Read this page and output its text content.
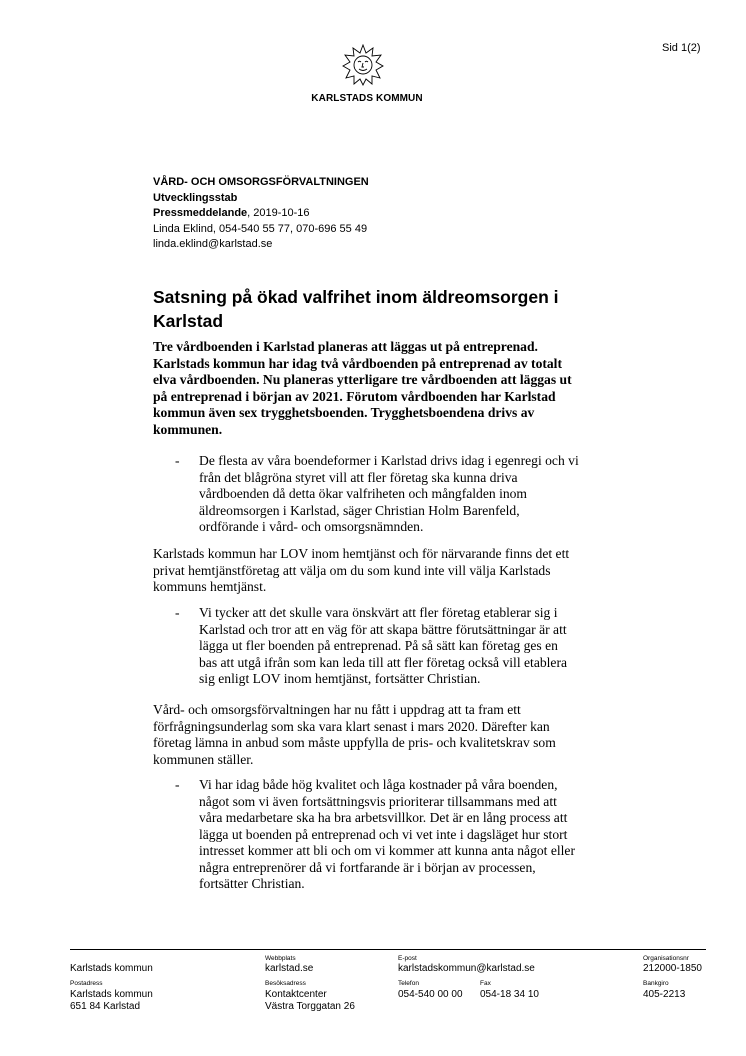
Sid 1(2)
KARLSTADS KOMMUN
VÅRD- OCH OMSORGSFÖRVALTNINGEN
Utvecklingsstab
Pressmeddelande, 2019-10-16
Linda Eklind, 054-540 55 77, 070-696 55 49
linda.eklind@karlstad.se
Satsning på ökad valfrihet inom äldreomsorgen i
Karlstad
Tre vårdboenden i Karlstad planeras att läggas ut på entreprenad.
Karlstads kommun har idag två vårdboenden på entreprenad av totalt
elva vårdboenden. Nu planeras ytterligare tre vårdboenden att läggas ut
på entreprenad i början av 2021. Förutom vårdboenden har Karlstad
kommun även sex trygghetsboenden. Trygghetsboendena drivs av
kommunen.
- De flesta av våra boendeformer i Karlstad drivs idag i egenregi och vi
från det blågröna styret vill att fler företag ska kunna driva
vårdboenden då detta ökar valfriheten och mångfalden inom
äldreomsorgen i Karlstad, säger Christian Holm Barenfeld,
ordförande i vård- och omsorgsnämnden.
Karlstads kommun har LOV inom hemtjänst och för närvarande finns det ett
privat hemtjänstföretag att välja om du som kund inte vill välja Karlstads
kommuns hemtjänst.
- Vi tycker att det skulle vara önskvärt att fler företag etablerar sig i
Karlstad och tror att en väg för att skapa bättre förutsättningar är att
lägga ut fler boenden på entreprenad. På så sätt kan företag ges en
bas att utgå ifrån som kan leda till att fler företag också vill etablera
sig enligt LOV inom hemtjänst, fortsätter Christian.
Vård- och omsorgsförvaltningen har nu fått i uppdrag att ta fram ett
förfrågningsunderlag som ska vara klart senast i mars 2020. Därefter kan
företag lämna in anbud som måste uppfylla de pris- och kvalitetskrav som
kommunen ställer.
- Vi har idag både hög kvalitet och låga kostnader på våra boenden,
något som vi även fortsättningsvis prioriterar tillsammans med att
våra medarbetare ska ha bra arbetsvillkor. Det är en lång process att
lägga ut boenden på entreprenad och vi vet inte i dagsläget hur stort
intresset kommer att bli och om vi kommer att kunna anta något eller
några entreprenörer då vi fortfarande är i början av processen,
fortsätter Christian.
Karlstads kommun
Webbplats
karlstad.se
E-post
karlstadskommun@karlstad.se
Organisationsnr
212000-1850
Postadress
Karlstads kommun
651 84 Karlstad
Besöksadress
Kontaktcenter
Västra Torggatan 26
Telefon
054-540 00 00
Fax
054-18 34 10
Bankgiro
405-2213
